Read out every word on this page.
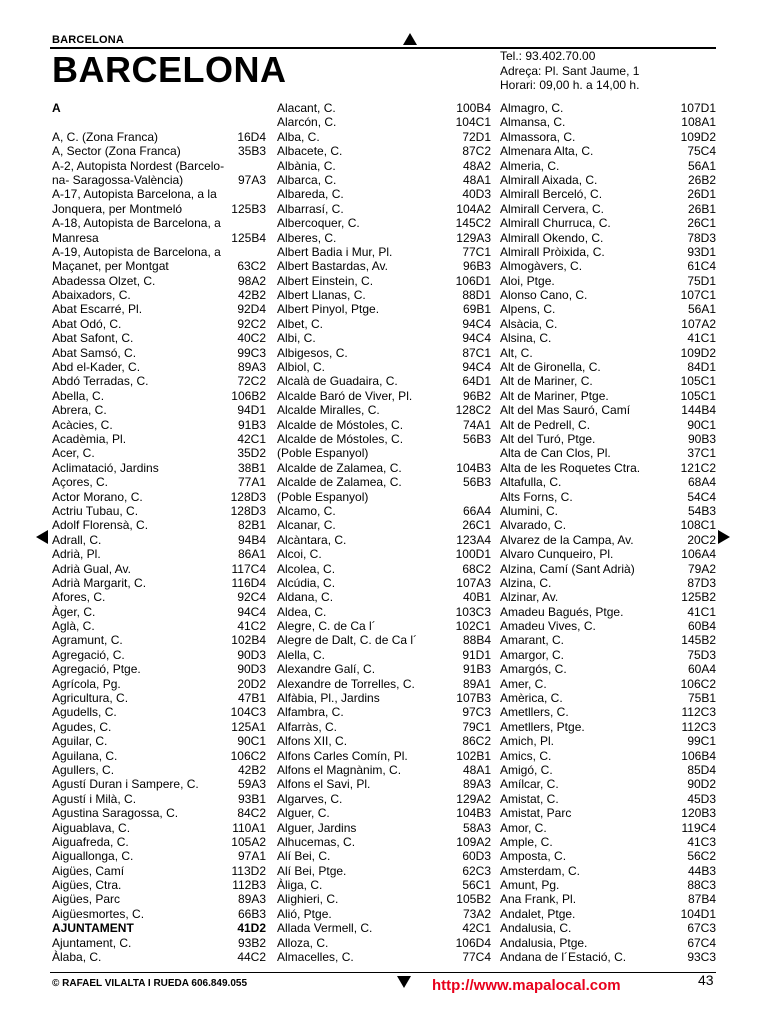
BARCELONA
BARCELONA	Tel.: 93.402.70.00
Adreça: Pl. Sant Jaume, 1
Horari: 09,00 h. a 14,00 h.
A
A, C. (Zona Franca)	16D4
A, Sector (Zona Franca)	35B3
A-2, Autopista Nordest (Barcelo-
na- Saragossa-València)	97A3
A-17, Autopista Barcelona, a la
Jonquera, per Montmeló	125B3
A-18, Autopista de Barcelona, a
Manresa	125B4
A-19, Autopista de Barcelona, a
Maçanet, per Montgat	63C2
Abadessa Olzet, C.	98A2
Abaixadors, C.	42B2
Abat Escarré, Pl.	92D4
Abat Odó, C.	92C2
Abat Safont, C.	40C2
Abat Samsó, C.	99C3
Abd el-Kader, C.	89A3
Abdó Terradas, C.	72C2
Abella, C.	106B2
Abrera, C.	94D1
Acàcies, C.	91B3
Acadèmia, Pl.	42C1
Acer, C.	35D2
Aclimatació, Jardins	38B1
Açores, C.	77A1
Actor Morano, C.	128D3
Actriu Tubau, C.	128D3
Adolf Florensà, C.	82B1
Adrall, C.	94B4
Adrià, Pl.	86A1
Adrià Gual, Av.	117C4
Adrià Margarit, C.	116D4
Afores, C.	92C4
Àger, C.	94C4
Aglà, C.	41C2
Agramunt, C.	102B4
Agregació, C.	90D3
Agregació, Ptge.	90D3
Agrícola, Pg.	20D2
Agricultura, C.	47B1
Agudells, C.	104C3
Agudes, C.	125A1
Aguilar, C.	90C1
Aguilana, C.	106C2
Agullers, C.	42B2
Agustí Duran i Sampere, C.	59A3
Agustí i Milà, C.	93B1
Agustina Saragossa, C.	84C2
Aiguablava, C.	110A1
Aiguafreda, C.	105A2
Aiguallonga, C.	97A1
Aigües, Camí	113D2
Aigües, Ctra.	112B3
Aigües, Parc	89A3
Aigüesmortes, C.	66B3
AJUNTAMENT	41D2
Ajuntament, C.	93B2
Àlaba, C.	44C2
Alacant, C.	100B4
Alarcón, C.	104C1
Alba, C.	72D1
Albacete, C.	87C2
Albània, C.	48A2
Albarca, C.	48A1
Albareda, C.	40D3
Albarrasí, C.	104A2
Albercoquer, C.	145C2
Alberes, C.	129A3
Albert Badia i Mur, Pl.	77C1
Albert Bastardas, Av.	96B3
Albert Einstein, C.	106D1
Albert Llanas, C.	88D1
Albert Pinyol, Ptge.	69B1
Albet, C.	94C4
Albi, C.	94C4
Albigesos, C.	87C1
Albiol, C.	94C4
Alcalà de Guadaira, C.	64D1
Alcalde Baró de Viver, Pl.	96B2
Alcalde Miralles, C.	128C2
Alcalde de Móstoles, C.	74A1
Alcalde de Móstoles, C.	56B3
(Poble Espanyol)
Alcalde de Zalamea, C.	104B3
Alcalde de Zalamea, C.	56B3
(Poble Espanyol)
Alcamo, C.	66A4
Alcanar, C.	26C1
Alcàntara, C.	123A4
Alcoi, C.	100D1
Alcolea, C.	68C2
Alcúdia, C.	107A3
Aldana, C.	40B1
Aldea, C.	103C3
Alegre, C. de Ca l´	102C1
Alegre de Dalt, C. de Ca l´	88B4
Alella, C.	91D1
Alexandre Galí, C.	91B3
Alexandre de Torrelles, C.	89A1
Alfàbia, Pl., Jardins	107B3
Alfambra, C.	97C3
Alfarràs, C.	79C1
Alfons XII, C.	86C2
Alfons Carles Comín, Pl.	102B1
Alfons el Magnànim, C.	48A1
Alfons el Savi, Pl.	89A3
Algarves, C.	129A2
Alguer, C.	104B3
Alguer, Jardins	58A3
Alhucemas, C.	109A2
Alí Bei, C.	60D3
Alí Bei, Ptge.	62C3
Àliga, C.	56C1
Alighieri, C.	105B2
Alió, Ptge.	73A2
Allada Vermell, C.	42C1
Alloza, C.	106D4
Almacelles, C.	77C4
Almagro, C.	107D1
Almansa, C.	108A1
Almassora, C.	109D2
Almenara Alta, C.	75C4
Almeria, C.	56A1
Almirall Aixada, C.	26B2
Almirall Berceló, C.	26D1
Almirall Cervera, C.	26B1
Almirall Churruca, C.	26C1
Almirall Okendo, C.	78D3
Almirall Pròixida, C.	93D1
Almogàvers, C.	61C4
Aloi, Ptge.	75D1
Alonso Cano, C.	107C1
Alpens, C.	56A1
Alsàcia, C.	107A2
Alsina, C.	41C1
Alt, C.	109D2
Alt de Gironella, C.	84D1
Alt de Mariner, C.	105C1
Alt de Mariner, Ptge.	105C1
Alt del Mas Sauró, Camí	144B4
Alt de Pedrell, C.	90C1
Alt del Turó, Ptge.	90B3
Alta de Can Clos, Pl.	37C1
Alta de les Roquetes Ctra.	121C2
Altafulla, C.	68A4
Alts Forns, C.	54C4
Alumini, C.	54B3
Alvarado, C.	108C1
Alvarez de la Campa, Av.	20C2
Alvaro Cunqueiro, Pl.	106A4
Alzina, Camí (Sant Adrià)	79A2
Alzina, C.	87D3
Alzinar, Av.	125B2
Amadeu Bagués, Ptge.	41C1
Amadeu Vives, C.	60B4
Amarant, C.	145B2
Amargor, C.	75D3
Amargós, C.	60A4
Amer, C.	106C2
Amèrica, C.	75B1
Ametllers, C.	112C3
Ametllers, Ptge.	112C3
Amich, Pl.	99C1
Amics, C.	106B4
Amigó, C.	85D4
Amílcar, C.	90D2
Amistat, C.	45D3
Amistat, Parc	120B3
Amor, C.	119C4
Ample, C.	41C3
Amposta, C.	56C2
Amsterdam, C.	44B3
Amunt, Pg.	88C3
Ana Frank, Pl.	87B4
Andalet, Ptge.	104D1
Andalusia, C.	67C3
Andalusia, Ptge.	67C4
Andana de l´Estació, C.	93C3
© RAFAEL VILALTA I RUEDA 606.849.055	http://www.mapalocal.com	43
